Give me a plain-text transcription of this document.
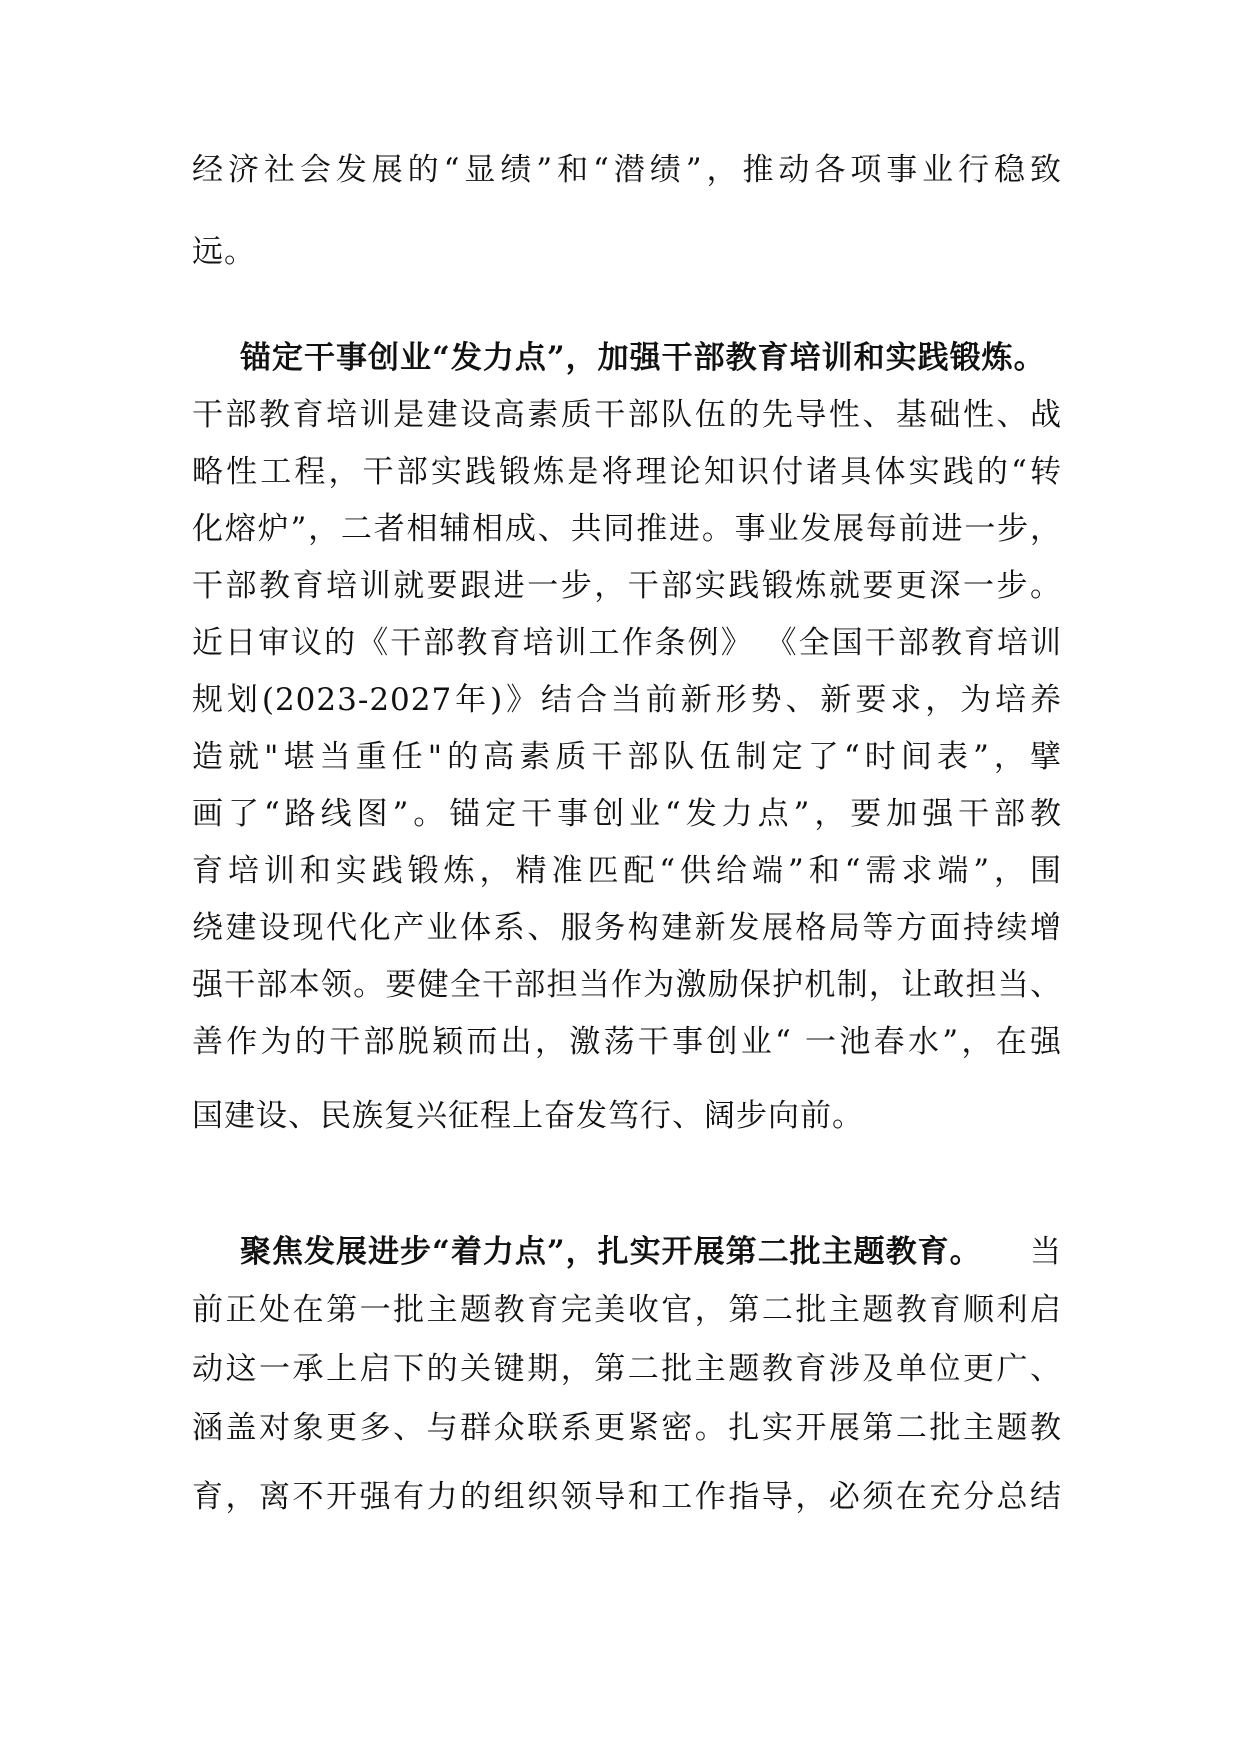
经济社会发展的“显绩”和“潜绩”，推动各项事业行稳致
远。
锚定干事创业“发力点”，加强干部教育培训和实践锻炼。
干部教育培训是建设高素质干部队伍的先导性、基础性、战
略性工程，干部实践锻炼是将理论知识付诸具体实践的“转
化熔炉”，二者相辅相成、共同推进。事业发展每前进一步，
干部教育培训就要跟进一步，干部实践锻炼就要更深一步。
近日审议的《干部教育培训工作条例》 《全国干部教育培训
规划(2023-2027年)》结合当前新形势、新要求，为培养
造就"堪当重任"的高素质干部队伍制定了“时间表”，擘
画了“路线图”。锚定干事创业“发力点”，要加强干部教
育培训和实践锻炼，精准匹配“供给端”和“需求端”，围
绕建设现代化产业体系、服务构建新发展格局等方面持续增
强干部本领。要健全干部担当作为激励保护机制，让敢担当、
善作为的干部脱颖而出，激荡干事创业“ 一池春水”，在强
国建设、民族复兴征程上奋发笃行、阔步向前。
聚焦发展进步“着力点”，扎实开展第二批主题教育。 当
前正处在第一批主题教育完美收官，第二批主题教育顺利启
动这一承上启下的关键期，第二批主题教育涉及单位更广、
涵盖对象更多、与群众联系更紧密。扎实开展第二批主题教
育，离不开强有力的组织领导和工作指导，必须在充分总结
